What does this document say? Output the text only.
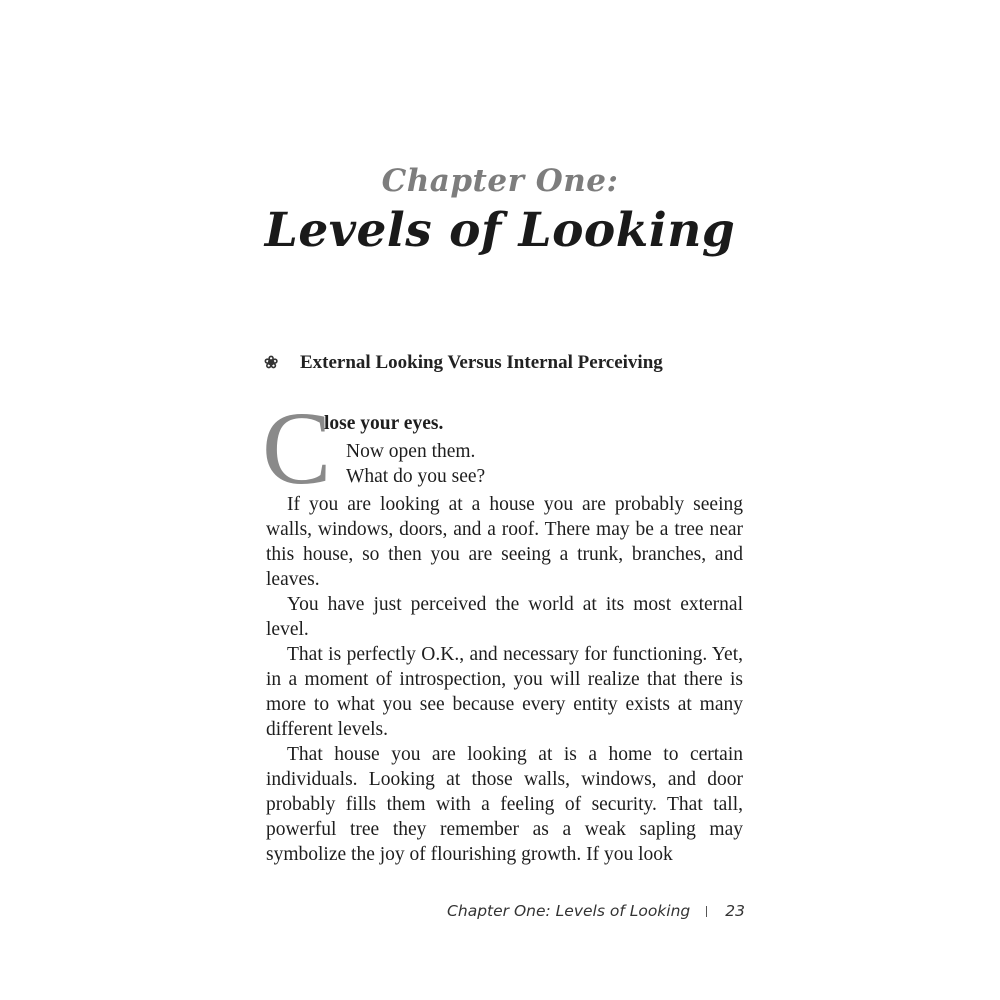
Chapter One:
Levels of Looking
❀ External Looking Versus Internal Perceiving
C
lose your eyes.
Now open them.
What do you see?

If you are looking at a house you are probably seeing walls, windows, doors, and a roof. There may be a tree near this house, so then you are seeing a trunk, branches, and leaves.

You have just perceived the world at its most external level.

That is perfectly O.K., and necessary for functioning. Yet, in a moment of introspection, you will realize that there is more to what you see because every entity exists at many different levels.

That house you are looking at is a home to certain individuals. Looking at those walls, windows, and door probably fills them with a feeling of security. That tall, powerful tree they remember as a weak sapling may symbolize the joy of flourishing growth. If you look

Chapter One: Levels of Looking 23
